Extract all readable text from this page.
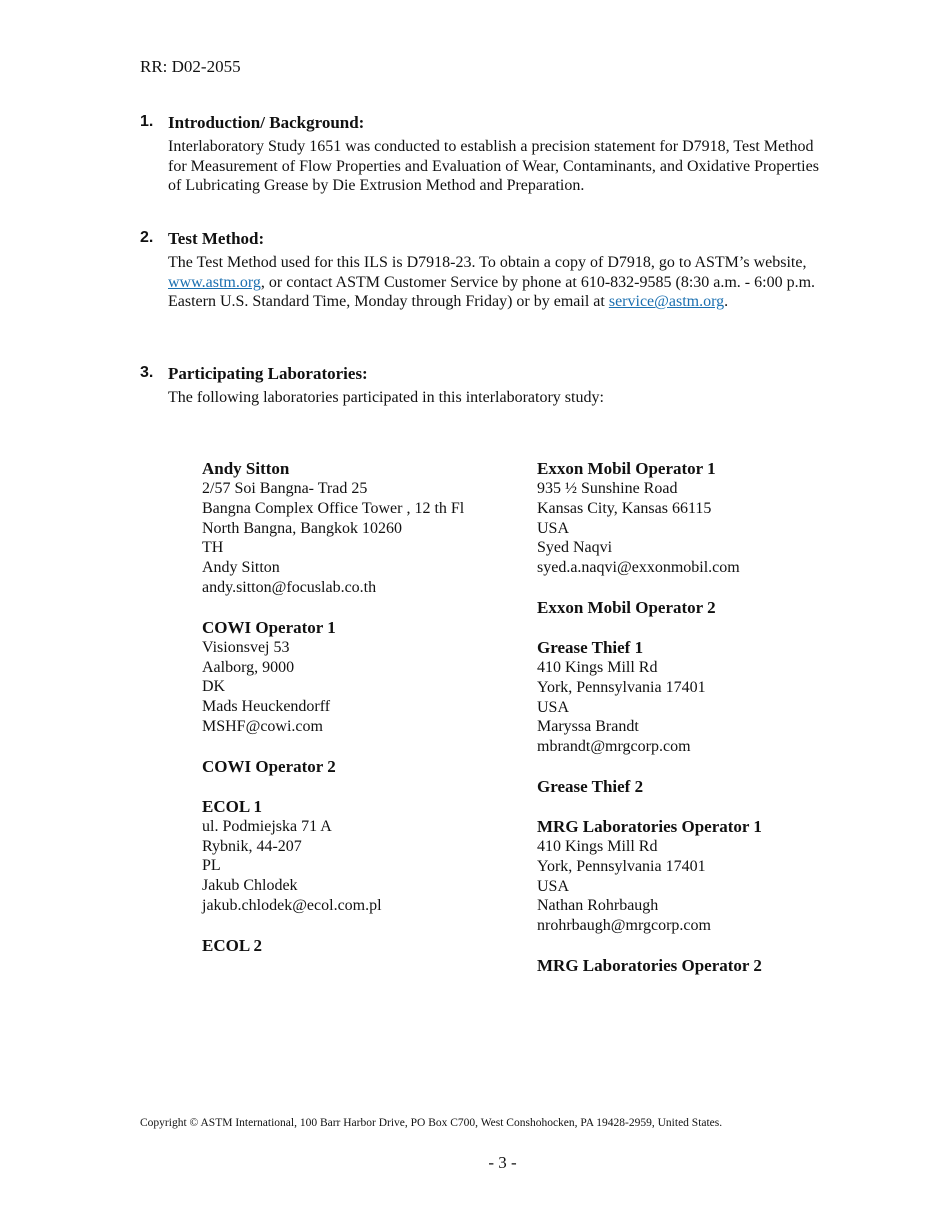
RR: D02-2055
1. Introduction/ Background:
Interlaboratory Study 1651 was conducted to establish a precision statement for D7918, Test Method for Measurement of Flow Properties and Evaluation of Wear, Contaminants, and Oxidative Properties of Lubricating Grease by Die Extrusion Method and Preparation.
2. Test Method:
The Test Method used for this ILS is D7918-23. To obtain a copy of D7918, go to ASTM’s website, www.astm.org, or contact ASTM Customer Service by phone at 610-832-9585 (8:30 a.m. - 6:00 p.m. Eastern U.S. Standard Time, Monday through Friday) or by email at service@astm.org.
3. Participating Laboratories:
The following laboratories participated in this interlaboratory study:
Andy Sitton
2/57 Soi Bangna- Trad 25
Bangna Complex Office Tower , 12 th Fl
North Bangna, Bangkok 10260
TH
Andy Sitton
andy.sitton@focuslab.co.th
COWI Operator 1
Visionsvej 53
Aalborg, 9000
DK
Mads Heuckendorff
MSHF@cowi.com
COWI Operator 2
ECOL 1
ul. Podmiejska 71 A
Rybnik, 44-207
PL
Jakub Chlodek
jakub.chlodek@ecol.com.pl
ECOL 2
Exxon Mobil Operator 1
935 ½ Sunshine Road
Kansas City, Kansas 66115
USA
Syed Naqvi
syed.a.naqvi@exxonmobil.com
Exxon Mobil Operator 2
Grease Thief 1
410 Kings Mill Rd
York, Pennsylvania 17401
USA
Maryssa Brandt
mbrandt@mrgcorp.com
Grease Thief 2
MRG Laboratories Operator 1
410 Kings Mill Rd
York, Pennsylvania 17401
USA
Nathan Rohrbaugh
nrohrbaugh@mrgcorp.com
MRG Laboratories Operator 2
Copyright © ASTM International, 100 Barr Harbor Drive, PO Box C700, West Conshohocken, PA 19428-2959, United States.
- 3 -
